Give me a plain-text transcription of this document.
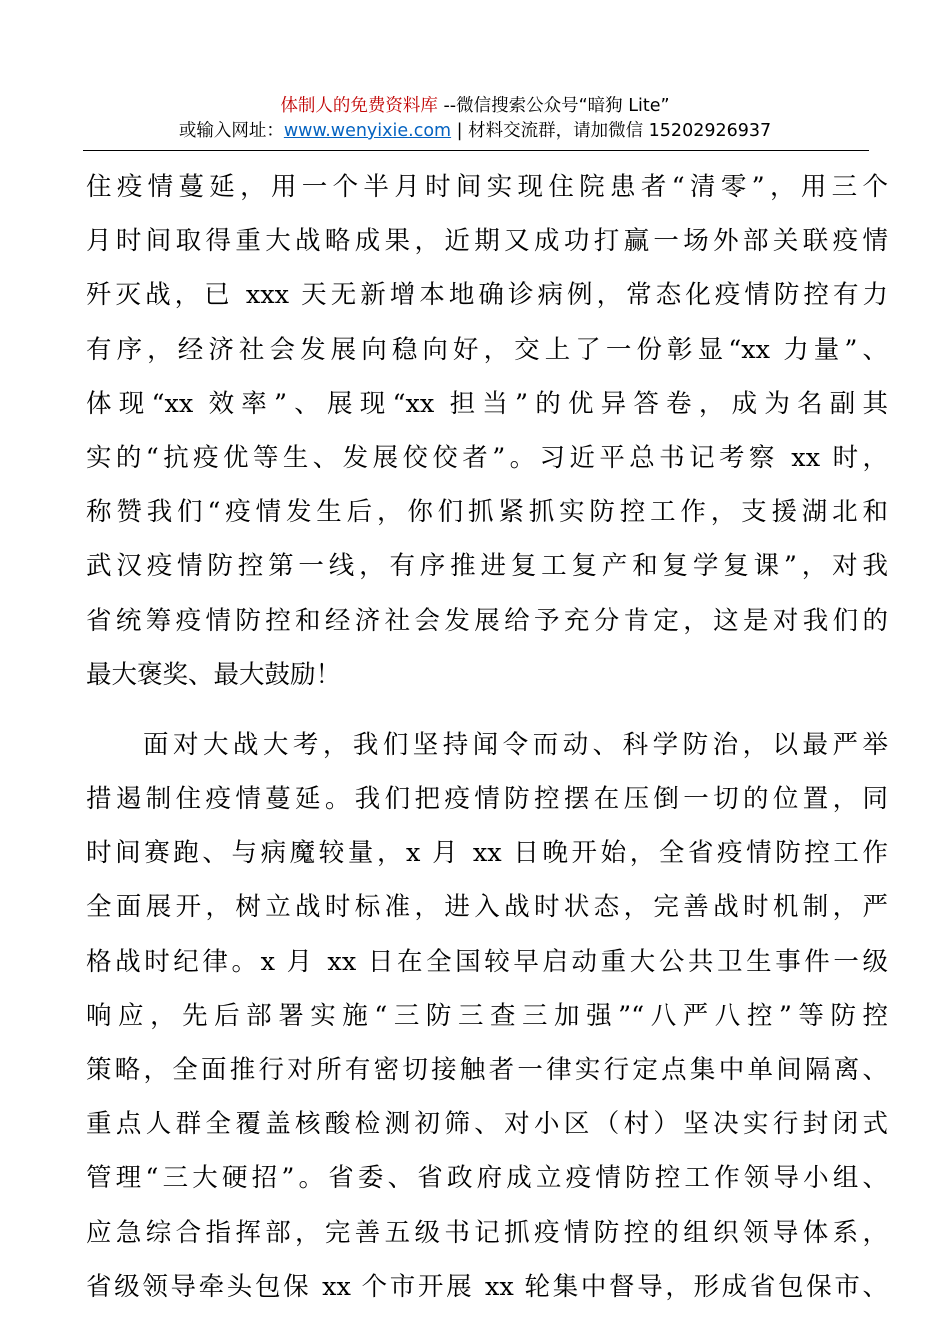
体制人的免费资料库 --微信搜索公众号“暗狗 Lite”
或输入网址：www.wenyixie.com | 材料交流群，请加微信 15202926937
住疫情蔓延，用一个半月时间实现住院患者“清零”，用三个
月时间取得重大战略成果，近期又成功打赢一场外部关联疫情
歼灭战，已 xxx 天无新增本地确诊病例，常态化疫情防控有力
有序，经济社会发展向稳向好，交上了一份彰显“xx 力量”、
体现“xx 效率”、展现“xx 担当”的优异答卷，成为名副其
实的“抗疫优等生、发展佼佼者”。习近平总书记考察 xx 时，
称赞我们“疫情发生后，你们抓紧抓实防控工作，支援湖北和
武汉疫情防控第一线，有序推进复工复产和复学复课”，对我
省统筹疫情防控和经济社会发展给予充分肯定，这是对我们的
最大褒奖、最大鼓励！
面对大战大考，我们坚持闻令而动、科学防治，以最严举
措遏制住疫情蔓延。我们把疫情防控摆在压倒一切的位置，同
时间赛跑、与病魔较量，x 月 xx 日晚开始，全省疫情防控工作
全面展开，树立战时标准，进入战时状态，完善战时机制，严
格战时纪律。x 月 xx 日在全国较早启动重大公共卫生事件一级
响应，先后部署实施“三防三查三加强”“八严八控”等防控
策略，全面推行对所有密切接触者一律实行定点集中单间隔离、
重点人群全覆盖核酸检测初筛、对小区（村）坚决实行封闭式
管理“三大硬招”。省委、省政府成立疫情防控工作领导小组、
应急综合指挥部，完善五级书记抓疫情防控的组织领导体系，
省级领导牵头包保 xx 个市开展 xx 轮集中督导，形成省包保市、
